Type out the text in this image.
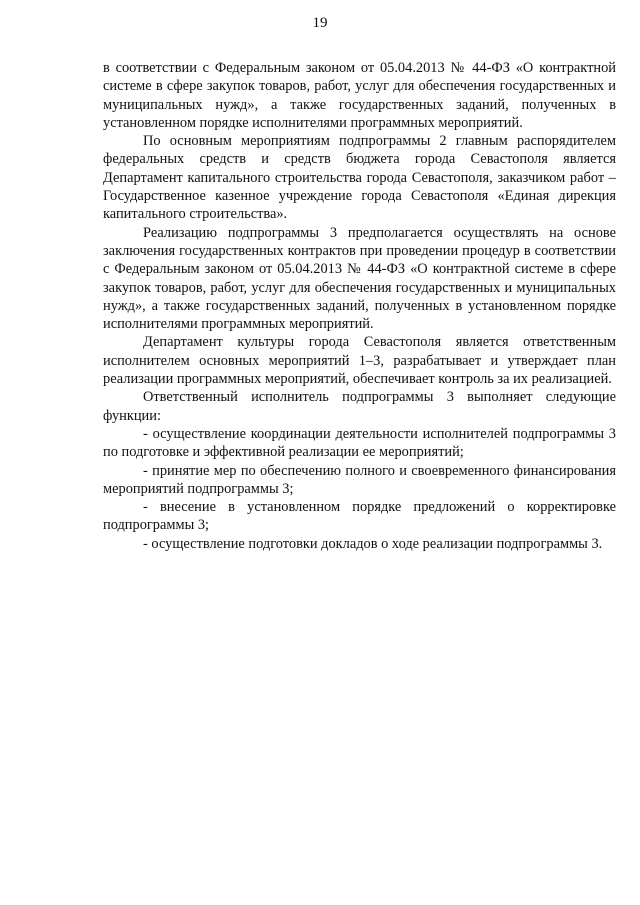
19

в соответствии с Федеральным законом от 05.04.2013 № 44-ФЗ «О контрактной системе в сфере закупок товаров, работ, услуг для обеспечения государственных и муниципальных нужд», а также государственных заданий, полученных в установленном порядке исполнителями программных мероприятий.

По основным мероприятиям подпрограммы 2 главным распорядителем федеральных средств и средств бюджета города Севастополя является Департамент капитального строительства города Севастополя, заказчиком работ – Государственное казенное учреждение города Севастополя «Единая дирекция капитального строительства».

Реализацию подпрограммы 3 предполагается осуществлять на основе заключения государственных контрактов при проведении процедур в соответствии с Федеральным законом от 05.04.2013 № 44-ФЗ «О контрактной системе в сфере закупок товаров, работ, услуг для обеспечения государственных и муниципальных нужд», а также государственных заданий, полученных в установленном порядке исполнителями программных мероприятий.

Департамент культуры города Севастополя является ответственным исполнителем основных мероприятий 1–3, разрабатывает и утверждает план реализации программных мероприятий, обеспечивает контроль за их реализацией.

Ответственный исполнитель подпрограммы 3 выполняет следующие функции:

- осуществление координации деятельности исполнителей подпрограммы 3 по подготовке и эффективной реализации ее мероприятий;

- принятие мер по обеспечению полного и своевременного финансирования мероприятий подпрограммы 3;

- внесение в установленном порядке предложений о корректировке подпрограммы 3;

- осуществление подготовки докладов о ходе реализации подпрограммы 3.
